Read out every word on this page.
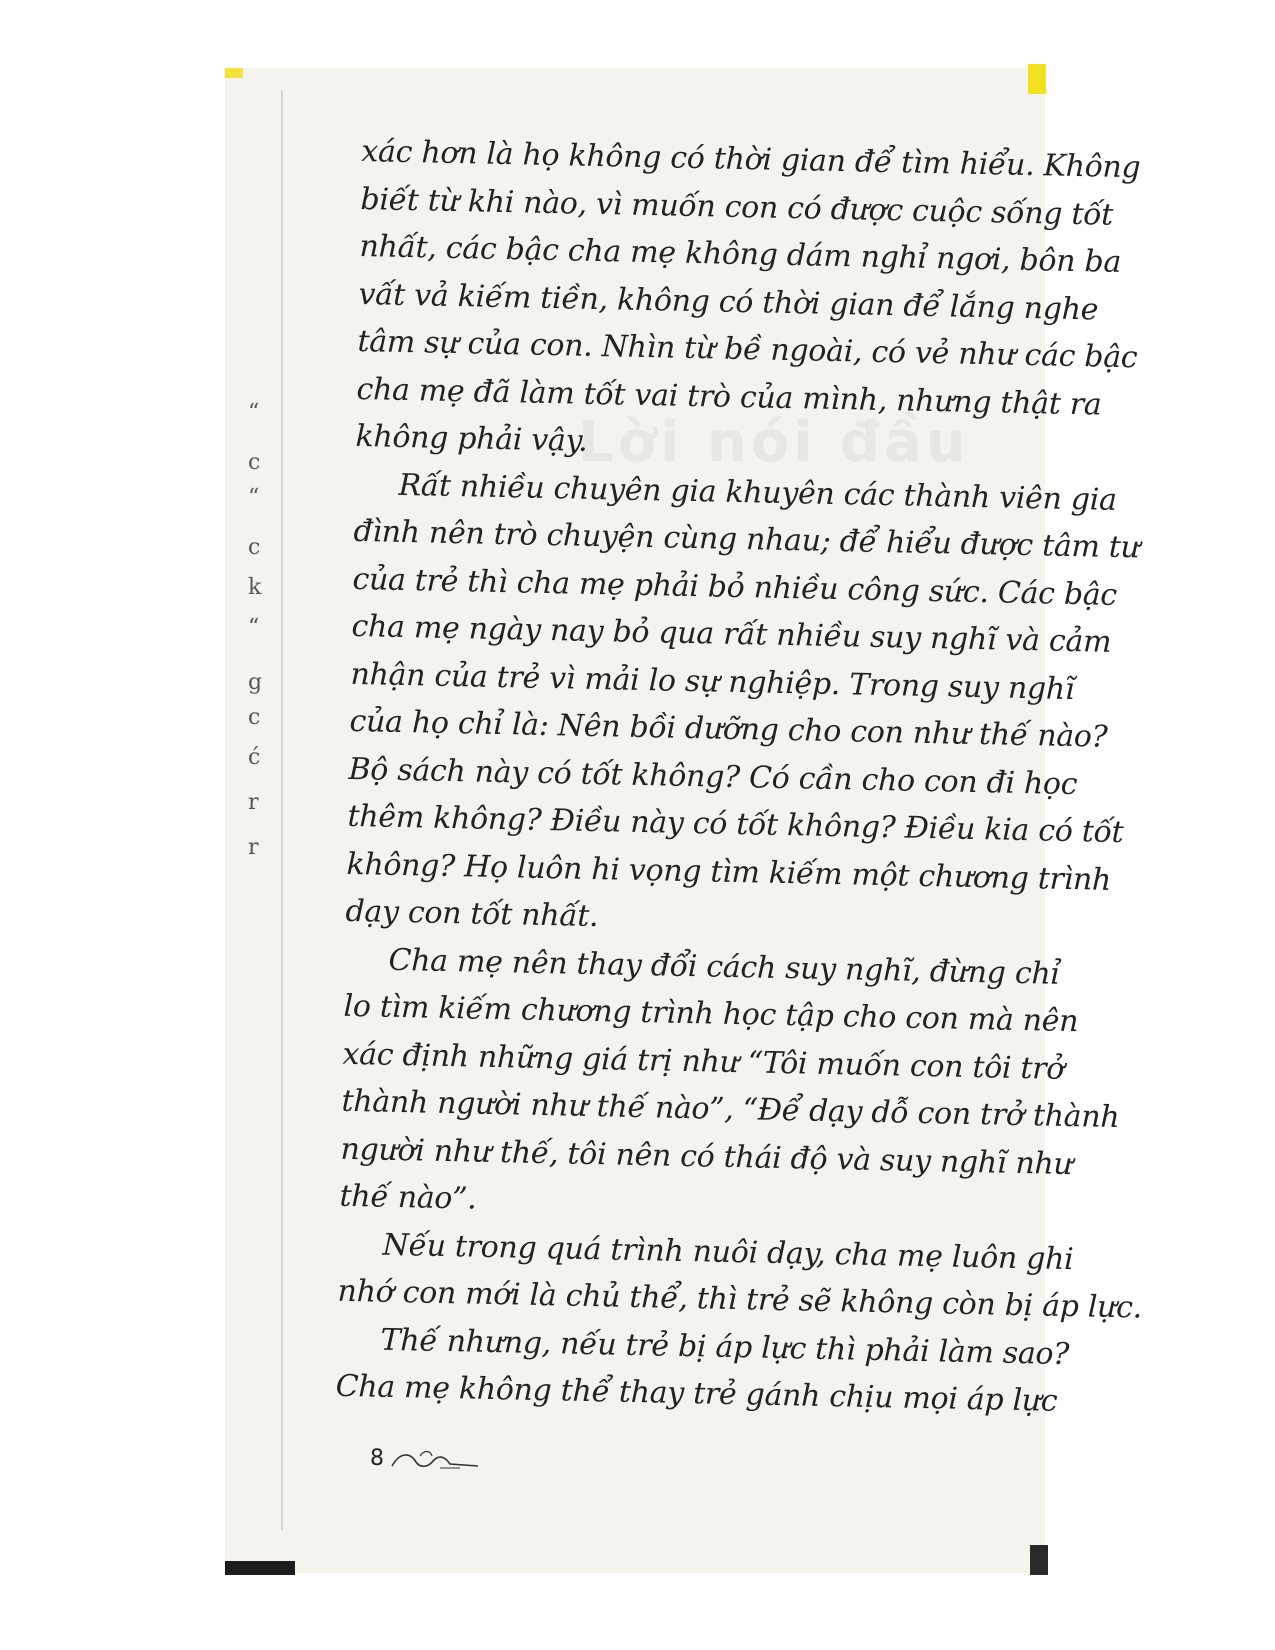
Lời nói đầu
“
c
“
c
k
“
g
c
ć
r
r
xác hơn là họ không có thời gian để tìm hiểu. Không
biết từ khi nào, vì muốn con có được cuộc sống tốt
nhất, các bậc cha mẹ không dám nghỉ ngơi, bôn ba
vất vả kiếm tiền, không có thời gian để lắng nghe
tâm sự của con. Nhìn từ bề ngoài, có vẻ như các bậc
cha mẹ đã làm tốt vai trò của mình, nhưng thật ra
không phải vậy.
Rất nhiều chuyên gia khuyên các thành viên gia
đình nên trò chuyện cùng nhau; để hiểu được tâm tư
của trẻ thì cha mẹ phải bỏ nhiều công sức. Các bậc
cha mẹ ngày nay bỏ qua rất nhiều suy nghĩ và cảm
nhận của trẻ vì mải lo sự nghiệp. Trong suy nghĩ
của họ chỉ là: Nên bồi dưỡng cho con như thế nào?
Bộ sách này có tốt không? Có cần cho con đi học
thêm không? Điều này có tốt không? Điều kia có tốt
không? Họ luôn hi vọng tìm kiếm một chương trình
dạy con tốt nhất.
Cha mẹ nên thay đổi cách suy nghĩ, đừng chỉ
lo tìm kiếm chương trình học tập cho con mà nên
xác định những giá trị như “Tôi muốn con tôi trở
thành người như thế nào”, “Để dạy dỗ con trở thành
người như thế, tôi nên có thái độ và suy nghĩ như
thế nào”.
Nếu trong quá trình nuôi dạy, cha mẹ luôn ghi
nhớ con mới là chủ thể, thì trẻ sẽ không còn bị áp lực.
Thế nhưng, nếu trẻ bị áp lực thì phải làm sao?
Cha mẹ không thể thay trẻ gánh chịu mọi áp lực
8
